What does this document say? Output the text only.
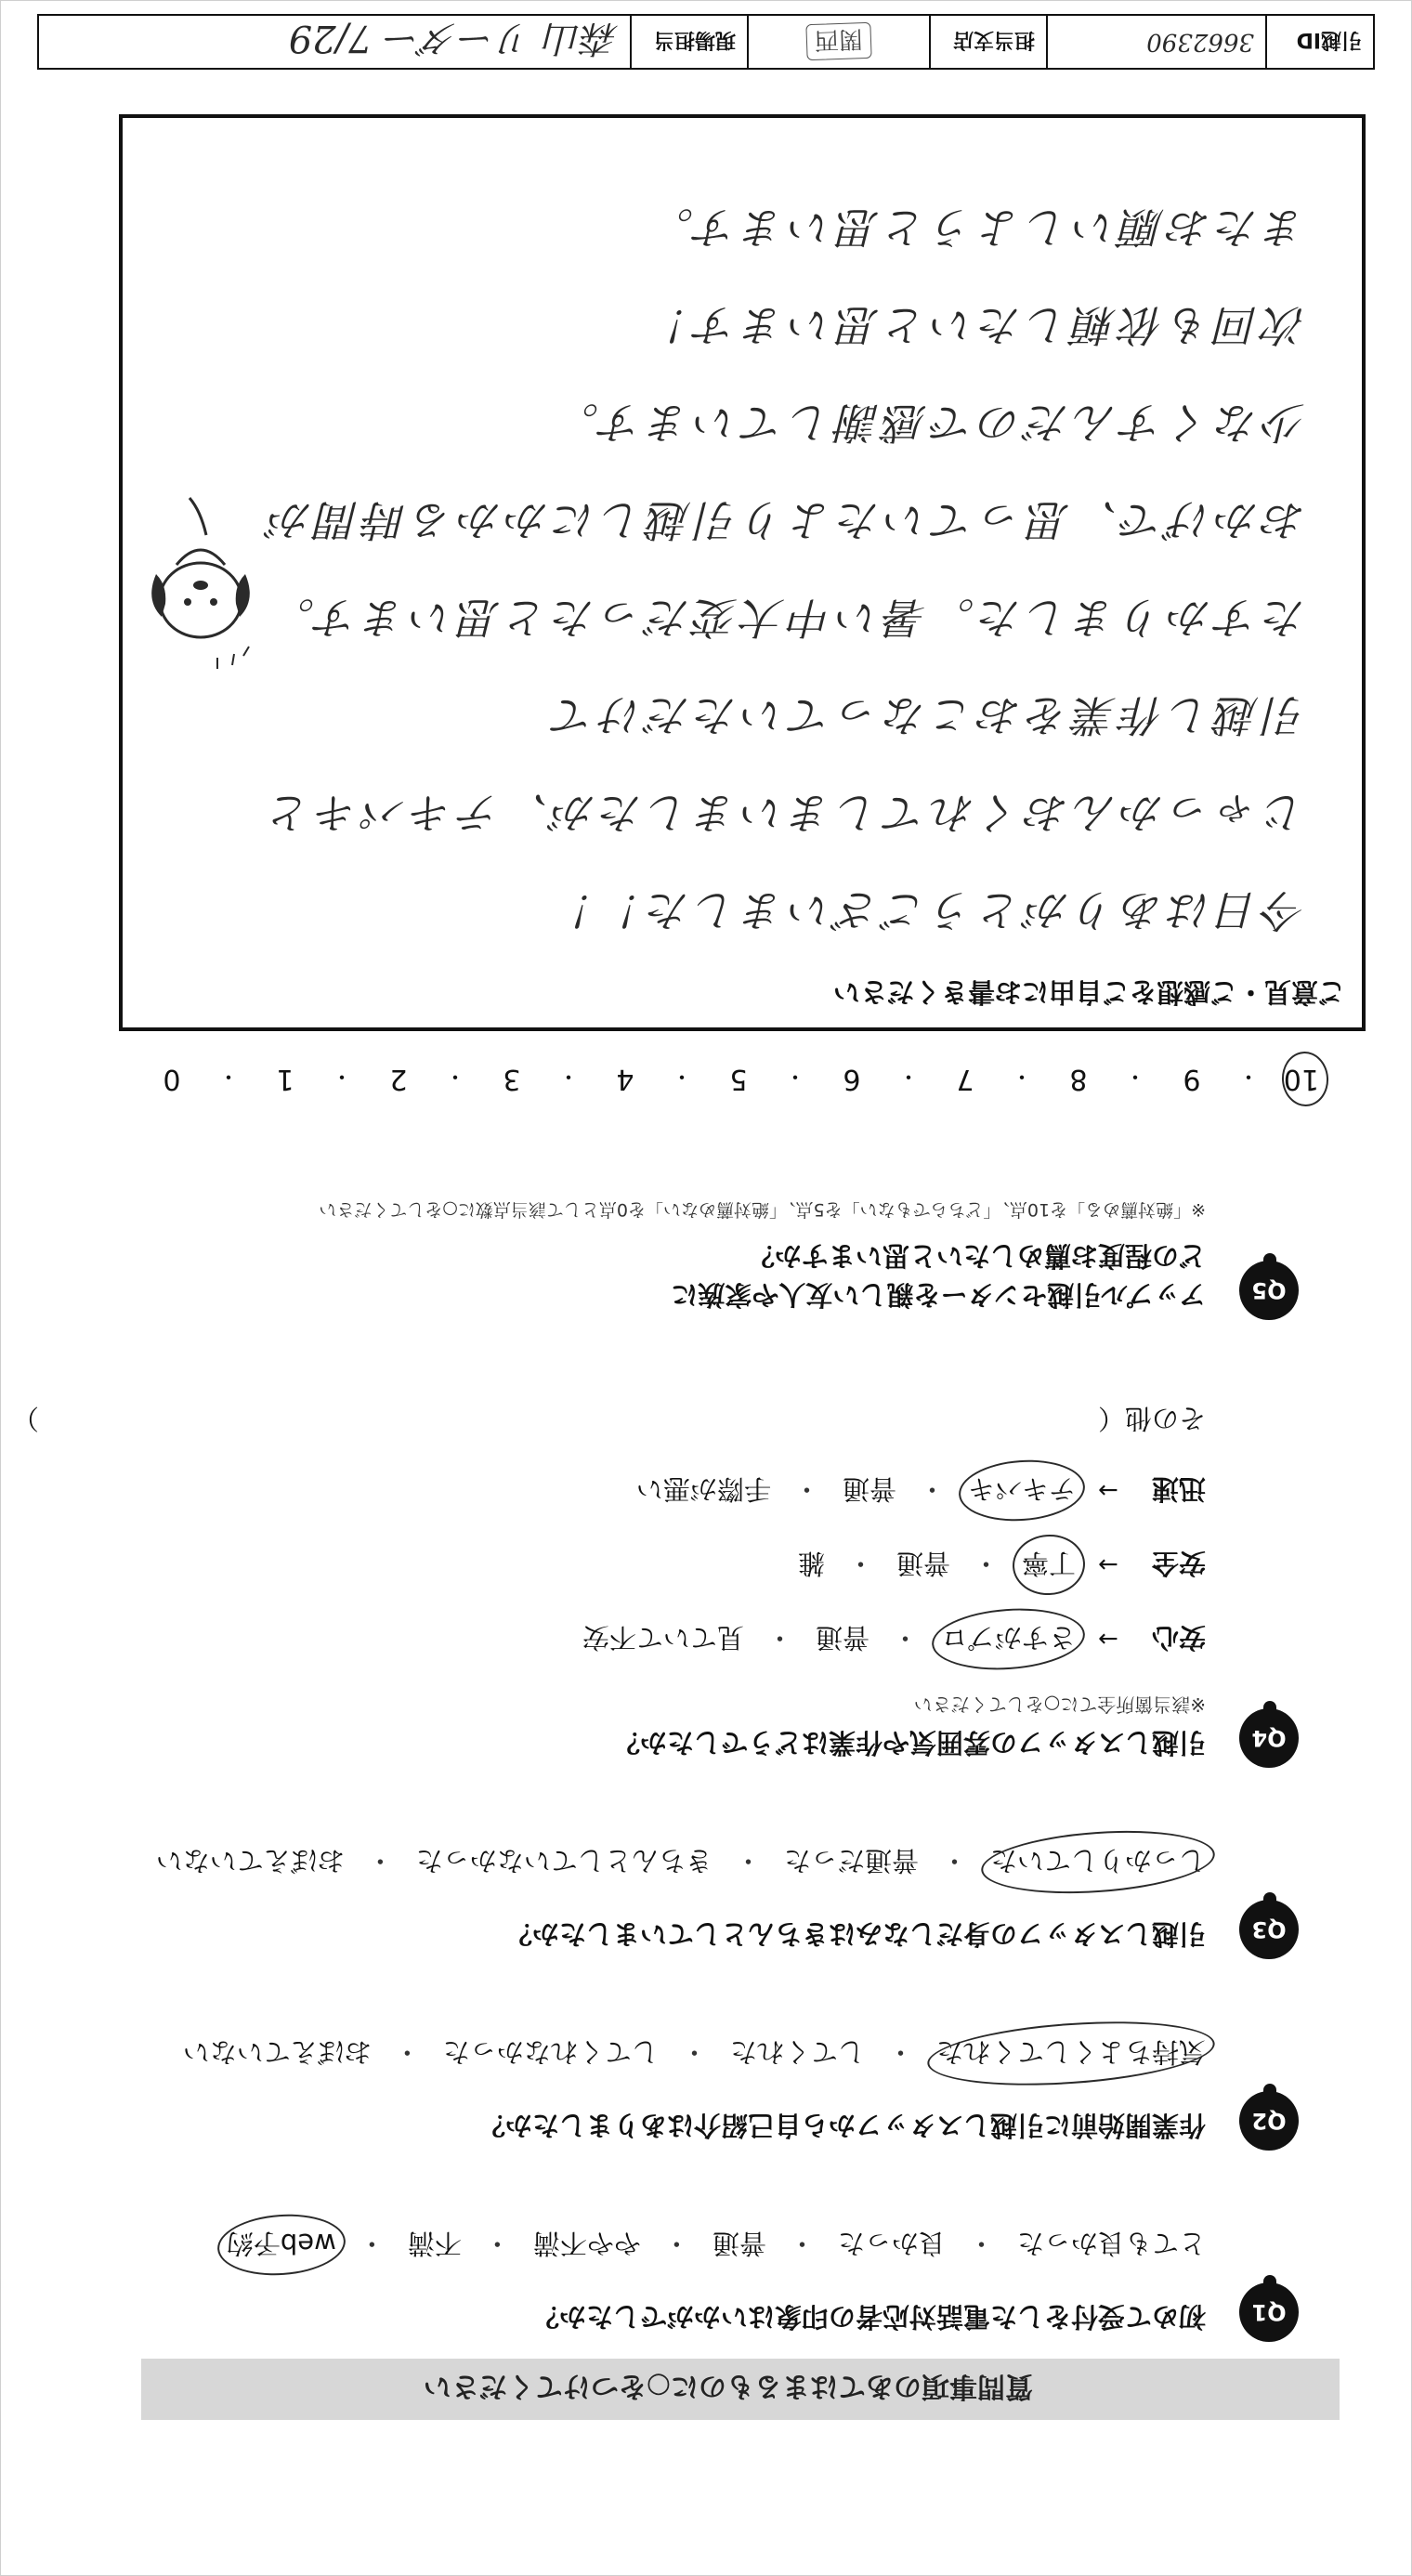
質問事項のあてはまるものに○をつけてください
Q1
初めて受付をした電話対応者の印象はいかがでしたか？
とても良かった
・
良かった
・
普通
・
やや不満
・
不満
・
web予約
Q2
作業開始前に引越しスタッフから自己紹介はありましたか？
気持ちよくしてくれた
・
してくれた
・
してくれなかった
・
おぼえていない
Q3
引越しスタッフの身だしなみはきちんとしていましたか？
しっかりしていた
・
普通だった
・
きちんとしていなかった
・
おぼえていない
Q4
引越しスタッフの雰囲気や作業はどうでしたか？
※該当箇所全てに○をしてください
安心
→
さすがプロ
・
普通
・
見ていて不安
安全
→
丁寧
・
普通
・
雑
迅速
→
テキパキ
・
普通
・
手際が悪い
その他
（
）
Q5
アップル引越センターを親しい友人や家族に
どの程度お薦めしたいと思いますか？
※「絶対薦める」を10点、「どちらでもない」を5点、「絶対薦めない」を0点として該当点数に○をしてください
10
・
9
・
8
・
7
・
6
・
5
・
4
・
3
・
2
・
1
・
0
ご意見・ご感想をご自由にお書きください
今日はありがとうございました！！
じゃっかんおくれてしまいましたが、テキパキと
引越し作業をおこなっていただけて
たすかりました。暑い中大変だったと思います。
おかげで、思っていたより引越しにかかる時間が
少なくすんだので感謝しています。
次回も依頼したいと思います！
またお願いしようと思います。
引越ID
3662390
担当支店
関西
現場担当
森山 リーダー 7/29
